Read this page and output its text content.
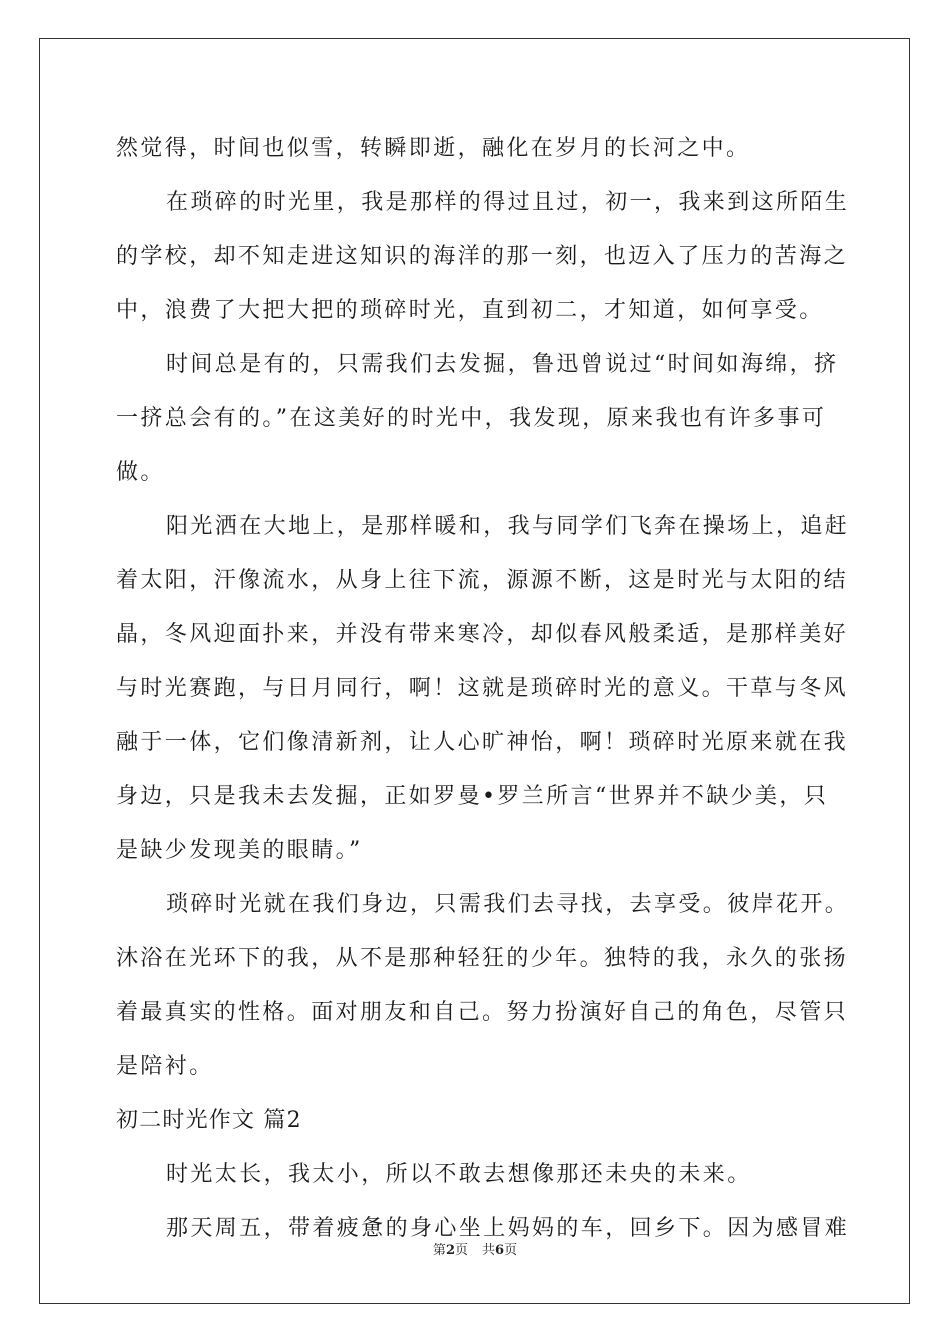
然觉得，时间也似雪，转瞬即逝，融化在岁月的长河之中。
在琐碎的时光里，我是那样的得过且过，初一，我来到这所陌生
的学校，却不知走进这知识的海洋的那一刻，也迈入了压力的苦海之
中，浪费了大把大把的琐碎时光，直到初二，才知道，如何享受。
时间总是有的，只需我们去发掘，鲁迅曾说过“时间如海绵，挤
一挤总会有的。”在这美好的时光中，我发现，原来我也有许多事可
做。
阳光洒在大地上，是那样暖和，我与同学们飞奔在操场上，追赶
着太阳，汗像流水，从身上往下流，源源不断，这是时光与太阳的结
晶，冬风迎面扑来，并没有带来寒冷，却似春风般柔适，是那样美好
与时光赛跑，与日月同行，啊！这就是琐碎时光的意义。干草与冬风
融于一体，它们像清新剂，让人心旷神怡，啊！琐碎时光原来就在我
身边，只是我未去发掘，正如罗曼•罗兰所言“世界并不缺少美，只
是缺少发现美的眼睛。”
琐碎时光就在我们身边，只需我们去寻找，去享受。彼岸花开。
沐浴在光环下的我，从不是那种轻狂的少年。独特的我，永久的张扬
着最真实的性格。面对朋友和自己。努力扮演好自己的角色，尽管只
是陪衬。
初二时光作文 篇2
时光太长，我太小，所以不敢去想像那还未央的未来。
那天周五，带着疲惫的身心坐上妈妈的车，回乡下。因为感冒难
第2页 共6页
